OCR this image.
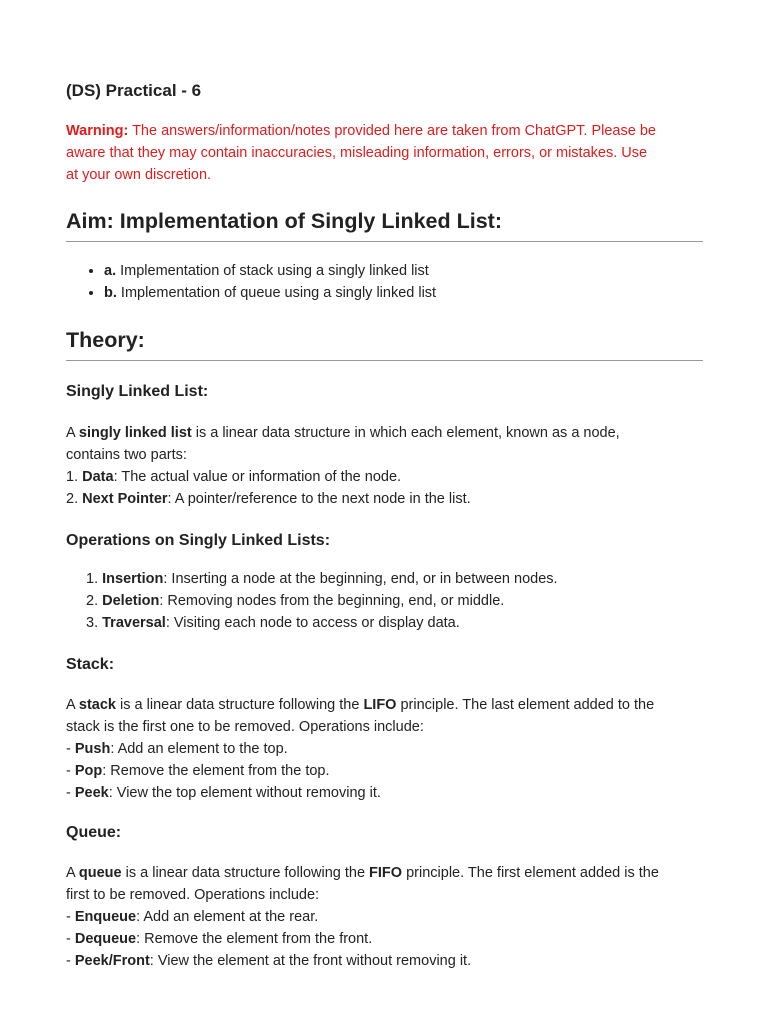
(DS) Practical - 6

Warning: The answers/information/notes provided here are taken from ChatGPT. Please be
aware that they may contain inaccuracies, misleading information, errors, or mistakes. Use
at your own discretion.

Aim: Implementation of Singly Linked List:
• a. Implementation of stack using a singly linked list
• b. Implementation of queue using a singly linked list
Theory:
Singly Linked List:

A singly linked list is a linear data structure in which each element, known as a node,
contains two parts:
1. Data: The actual value or information of the node.
2. Next Pointer: A pointer/reference to the next node in the list.

Operations on Singly Linked Lists:
1. Insertion: Inserting a node at the beginning, end, or in between nodes.
2. Deletion: Removing nodes from the beginning, end, or middle.
3. Traversal: Visiting each node to access or display data.
Stack:

A stack is a linear data structure following the LIFO principle. The last element added to the
stack is the first one to be removed. Operations include:
- Push: Add an element to the top.
- Pop: Remove the element from the top.
- Peek: View the top element without removing it.

Queue:

A queue is a linear data structure following the FIFO principle. The first element added is the
first to be removed. Operations include:
- Enqueue: Add an element at the rear.
- Dequeue: Remove the element from the front.
- Peek/Front: View the element at the front without removing it.
